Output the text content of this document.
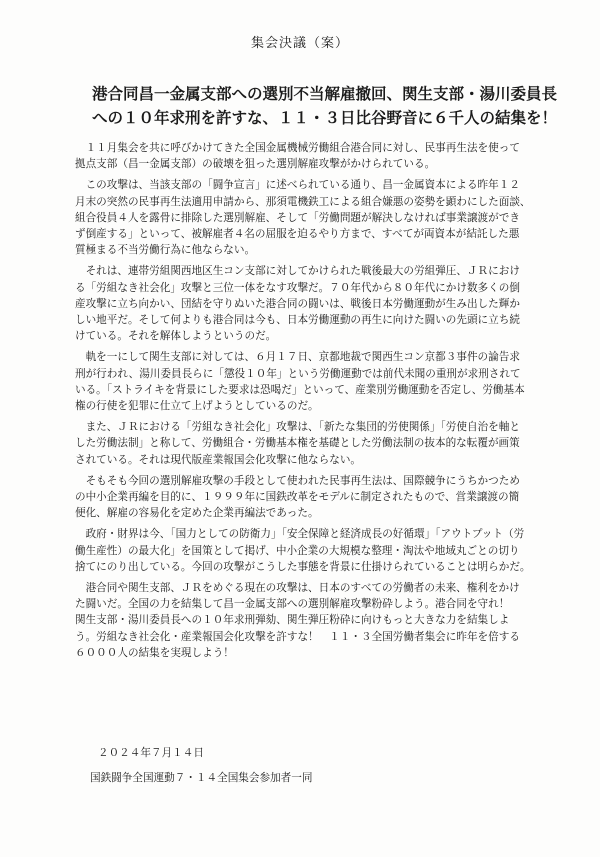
集会決議（案）
港合同昌一金属支部への選別不当解雇撤回、関生支部・湯川委員長
への１０年求刑を許すな、１１・３日比谷野音に６千人の結集を！
　１１月集会を共に呼びかけてきた全国金属機械労働組合港合同に対し、民事再生法を使って
拠点支部（昌一金属支部）の破壊を狙った選別解雇攻撃がかけられている。
　この攻撃は、当該支部の「闘争宣言」に述べられている通り、昌一金属資本による昨年１２
月末の突然の民事再生法適用申請から、那須電機鉄工による組合嫌悪の姿勢を顕わにした面談、
組合役員４人を露骨に排除した選別解雇、そして「労働問題が解決しなければ事業譲渡ができ
ず倒産する」といって、被解雇者４名の屈服を迫るやり方まで、すべてが両資本が結託した悪
質極まる不当労働行為に他ならない。
　それは、連帯労組関西地区生コン支部に対してかけられた戦後最大の労組弾圧、ＪＲにおけ
る「労組なき社会化」攻撃と三位一体をなす攻撃だ。７０年代から８０年代にかけ数多くの倒
産攻撃に立ち向かい、団結を守りぬいた港合同の闘いは、戦後日本労働運動が生み出した輝か
しい地平だ。そして何よりも港合同は今も、日本労働運動の再生に向けた闘いの先頭に立ち続
けている。それを解体しようというのだ。
　軌を一にして関生支部に対しては、６月１７日、京都地裁で関西生コン京都３事件の論告求
刑が行われ、湯川委員長らに「懲役１０年」という労働運動では前代未聞の重刑が求刑されて
いる。「ストライキを背景にした要求は恐喝だ」といって、産業別労働運動を否定し、労働基本
権の行使を犯罪に仕立て上げようとしているのだ。
　また、ＪＲにおける「労組なき社会化」攻撃は、「新たな集団的労使関係」「労使自治を軸と
した労働法制」と称して、労働組合・労働基本権を基礎とした労働法制の抜本的な転覆が画策
されている。それは現代版産業報国会化攻撃に他ならない。
　そもそも今回の選別解雇攻撃の手段として使われた民事再生法は、国際競争にうちかつため
の中小企業再編を目的に、１９９９年に国鉄改革をモデルに制定されたもので、営業譲渡の簡
便化、解雇の容易化を定めた企業再編法であった。
　政府・財界は今、「国力としての防衛力」「安全保障と経済成長の好循環」「アウトプット（労
働生産性）の最大化」を国策として掲げ、中小企業の大規模な整理・淘汰や地域丸ごとの切り
捨てにのり出している。今回の攻撃がこうした事態を背景に仕掛けられていることは明らかだ。
　港合同や関生支部、ＪＲをめぐる現在の攻撃は、日本のすべての労働者の未来、権利をかけ
た闘いだ。全国の力を結集して昌一金属支部への選別解雇攻撃粉砕しよう。港合同を守れ！
関生支部・湯川委員長への１０年求刑弾劾、関生弾圧粉砕に向けもっと大きな力を結集しよ
う。労組なき社会化・産業報国会化攻撃を許すな！　１１・３全国労働者集会に昨年を倍する
６０００人の結集を実現しよう！
２０２４年７月１４日
国鉄闘争全国運動７・１４全国集会参加者一同
